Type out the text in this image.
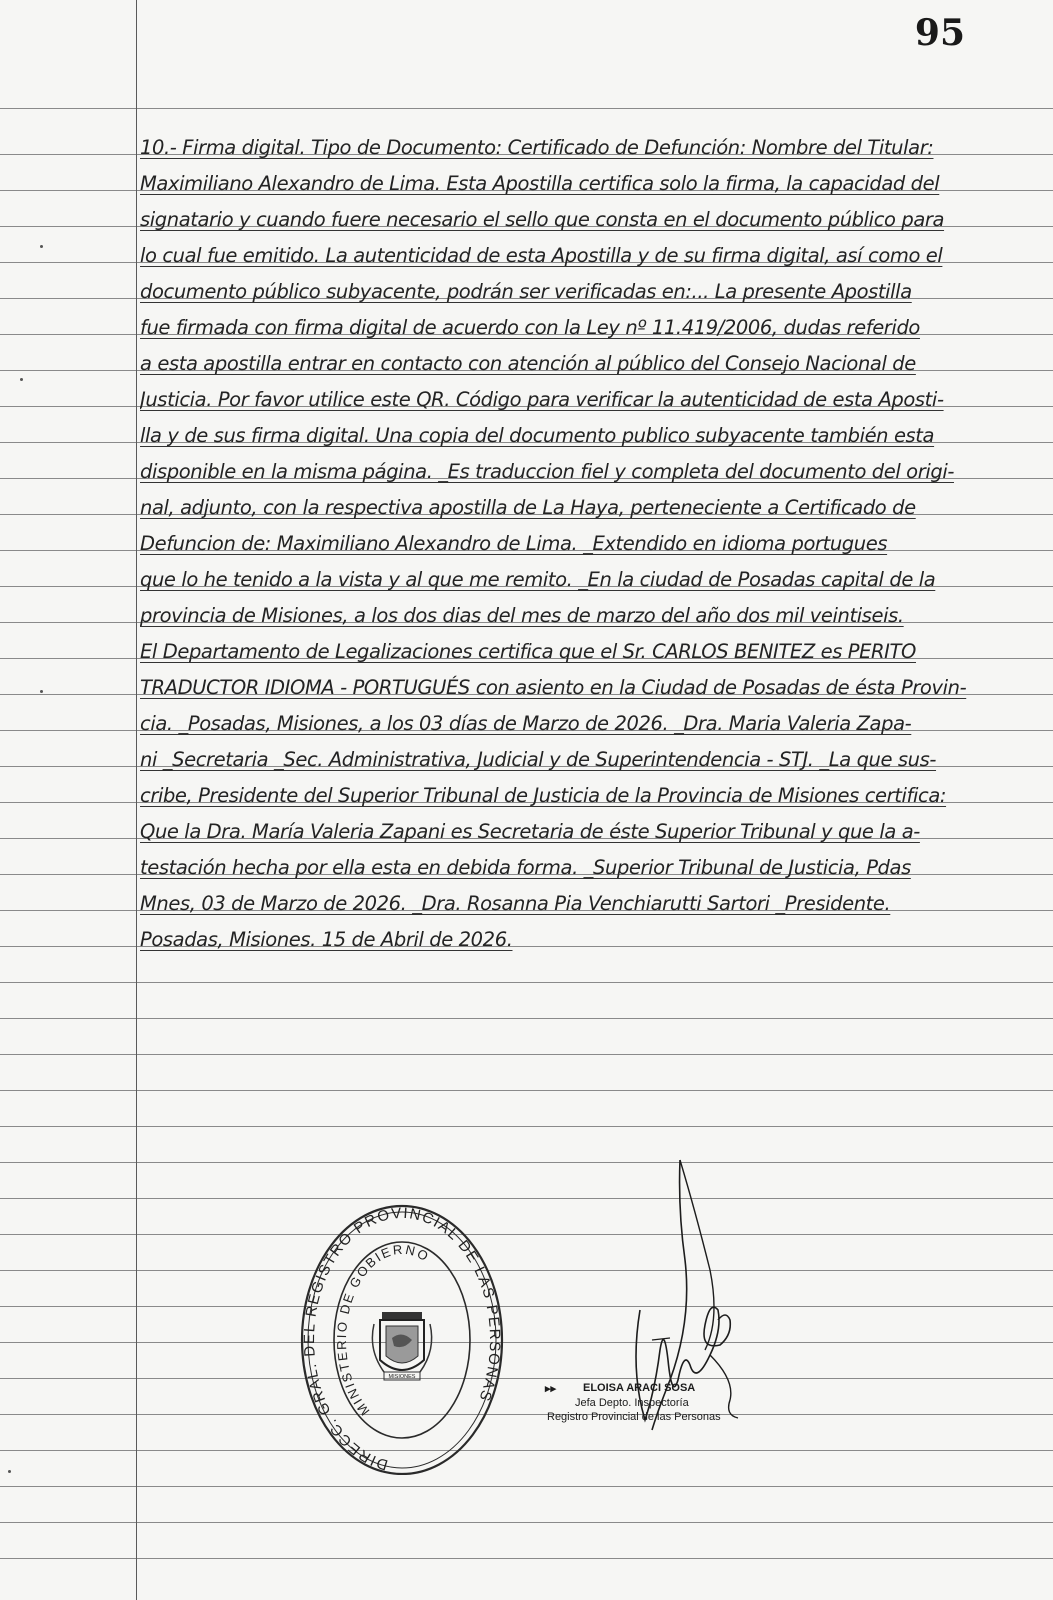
95
10.- Firma digital. Tipo de Documento: Certificado de Defunción: Nombre del Titular:
Maximiliano Alexandro de Lima. Esta Apostilla certifica solo la firma, la capacidad del
signatario y cuando fuere necesario el sello que consta en el documento público para
lo cual fue emitido. La autenticidad de esta Apostilla y de su firma digital, así como el
documento público subyacente, podrán ser verificadas en:... La presente Apostilla
fue firmada con firma digital de acuerdo con la Ley nº 11.419/2006, dudas referido
a esta apostilla entrar en contacto con atención al público del Consejo Nacional de
Justicia. Por favor utilice este QR. Código para verificar la autenticidad de esta Aposti-
lla y de sus firma digital. Una copia del documento publico subyacente también esta
disponible en la misma página. _Es traduccion fiel y completa del documento del origi-
nal, adjunto, con la respectiva apostilla de La Haya, perteneciente a Certificado de
Defuncion de: Maximiliano Alexandro de Lima. _Extendido en idioma portugues
que lo he tenido a la vista y al que me remito. _En la ciudad de Posadas capital de la
provincia de Misiones, a los dos dias del mes de marzo del año dos mil veintiseis.
El Departamento de Legalizaciones certifica que el Sr. CARLOS BENITEZ es PERITO
TRADUCTOR IDIOMA - PORTUGUÉS con asiento en la Ciudad de Posadas de ésta Provin-
cia. _Posadas, Misiones, a los 03 días de Marzo de 2026. _Dra. Maria Valeria Zapa-
ni _Secretaria _Sec. Administrativa, Judicial y de Superintendencia - STJ. _La que sus-
cribe, Presidente del Superior Tribunal de Justicia de la Provincia de Misiones certifica:
Que la Dra. María Valeria Zapani es Secretaria de éste Superior Tribunal y que la a-
testación hecha por ella esta en debida forma. _Superior Tribunal de Justicia, Pdas
Mnes, 03 de Marzo de 2026. _Dra. Rosanna Pia Venchiarutti Sartori _Presidente.
Posadas, Misiones. 15 de Abril de 2026.
DIRECC. GRAL. DEL REGISTRO PROVINCIAL DE LAS PERSONAS
MINISTERIO DE GOBIERNO
MISIONES
▸▸ ELOISA ARACI SOSA
Jefa Depto. Inspectoría
Registro Provincial de las Personas
